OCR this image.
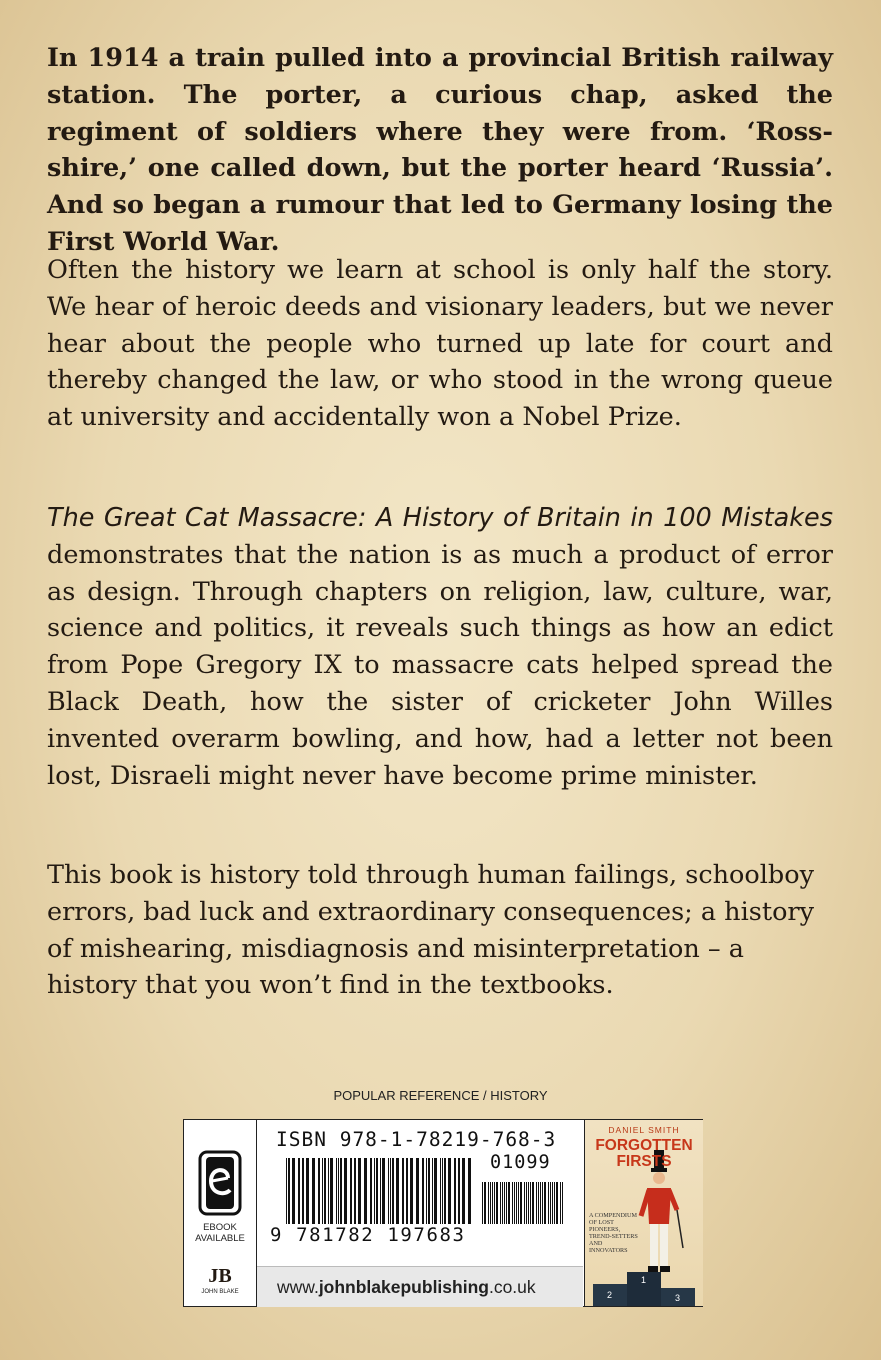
In 1914 a train pulled into a provincial British railway station. The porter, a curious chap, asked the regiment of soldiers where they were from. ‘Ross-shire,’ one called down, but the porter heard ‘Russia’. And so began a rumour that led to Germany losing the First World War.

Often the history we learn at school is only half the story. We hear of heroic deeds and visionary leaders, but we never hear about the people who turned up late for court and thereby changed the law, or who stood in the wrong queue at university and accidentally won a Nobel Prize.

The Great Cat Massacre: A History of Britain in 100 Mistakes demonstrates that the nation is as much a product of error as design. Through chapters on religion, law, culture, war, science and politics, it reveals such things as how an edict from Pope Gregory IX to massacre cats helped spread the Black Death, how the sister of cricketer John Willes invented overarm bowling, and how, had a letter not been lost, Disraeli might never have become prime minister.

This book is history told through human failings, schoolboy errors, bad luck and extraordinary consequences; a history of mishearing, misdiagnosis and misinterpretation – a history that you won’t find in the textbooks.

POPULAR REFERENCE / HISTORY
EBOOK
AVAILABLE
JB
JOHN BLAKE
ISBN 978-1-78219-768-3
01099
9 781782 197683
www.johnblakepublishing.co.uk
DANIEL SMITH
FORGOTTEN
FIRSTS
A COMPENDIUM OF LOST PIONEERS, TREND-SETTERS AND INNOVATORS
2
1
3
